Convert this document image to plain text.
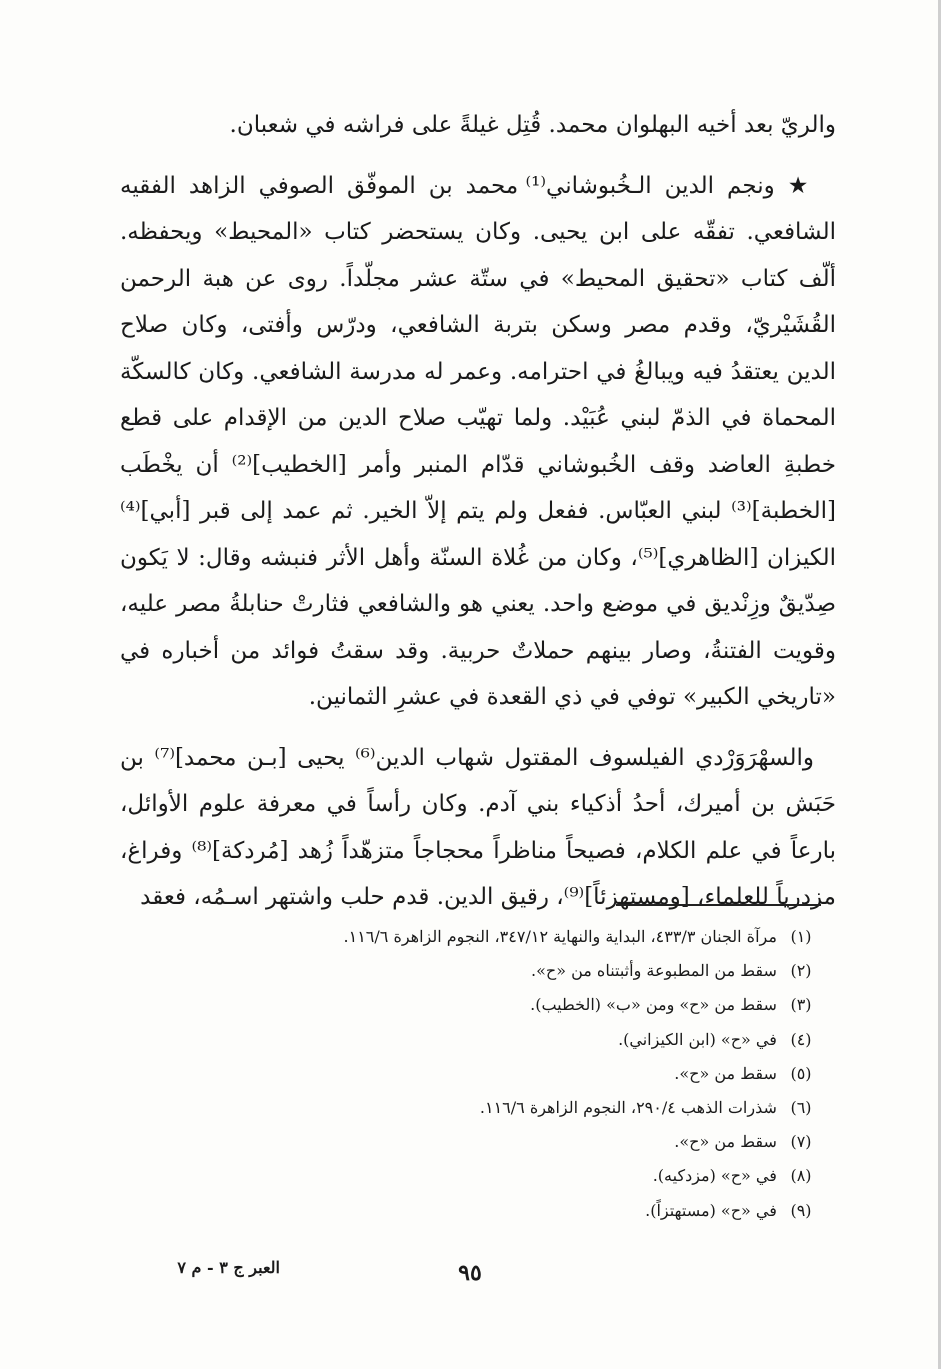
والريّ بعد أخيه البهلوان محمد. قُتِل غيلةً على فراشه في شعبان.

★ ونجم الدين الـخُبوشاني⁽¹⁾ محمد بن الموفّق الصوفي الزاهد الفقيه الشافعي. تفقّه على ابن يحيى. وكان يستحضر كتاب «المحيط» ويحفظه. ألّف كتاب «تحقيق المحيط» في ستّة عشر مجلّداً. روى عن هبة الرحمن القُشَيْريّ، وقدم مصر وسكن بتربة الشافعي، ودرّس وأفتى، وكان صلاح الدين يعتقدُ فيه ويبالغُ في احترامه. وعمر له مدرسة الشافعي. وكان كالسكّة المحماة في الذمّ لبني عُبَيْد. ولما تهيّب صلاح الدين من الإقدام على قطع خطبةِ العاضد وقف الخُبوشاني قدّام المنبر وأمر [الخطيب]⁽²⁾ أن يخْطَب [الخطبة]⁽³⁾ لبني العبّاس. ففعل ولم يتم إلاّ الخير. ثم عمد إلى قبر [أبي]⁽⁴⁾ الكيزان [الظاهري]⁽⁵⁾، وكان من غُلاة السنّة وأهل الأثر فنبشه وقال: لا يَكون صِدّيقٌ وزِنْديق في موضع واحد. يعني هو والشافعي فثارتْ حنابلةُ مصر عليه، وقويت الفتنةُ، وصار بينهم حملاتٌ حربية. وقد سقتُ فوائد من أخباره في «تاريخي الكبير» توفي في ذي القعدة في عشرِ الثمانين.

والسهْرَوَرْدي الفيلسوف المقتول شهاب الدين⁽⁶⁾ يحيى [بـن محمد]⁽⁷⁾ بن حَبَش بن أميرك، أحدُ أذكياء بني آدم. وكان رأساً في معرفة علوم الأوائل، بارعاً في علم الكلام، فصيحاً مناظراً محجاجاً متزهّداً زُهد [مُردكة]⁽⁸⁾ وفراغ، مزدرياً للعلماء، [ومستهزئاً]⁽⁹⁾، رقيق الدين. قدم حلب واشتهر اسـمُه، فعقد

(١) مرآة الجنان ٤٣٣/٣، البداية والنهاية ٣٤٧/١٢، النجوم الزاهرة ١١٦/٦.
(٢) سقط من المطبوعة وأثبتناه من «ح».
(٣) سقط من «ح» ومن «ب» (الخطيب).
(٤) في «ح» (ابن الكيزاني).
(٥) سقط من «ح».
(٦) شذرات الذهب ٢٩٠/٤، النجوم الزاهرة ١١٦/٦.
(٧) سقط من «ح».
(٨) في «ح» (مزدكيه).
(٩) في «ح» (مستهتزاً).
٩٥
العبر ج ٣ - م ٧
